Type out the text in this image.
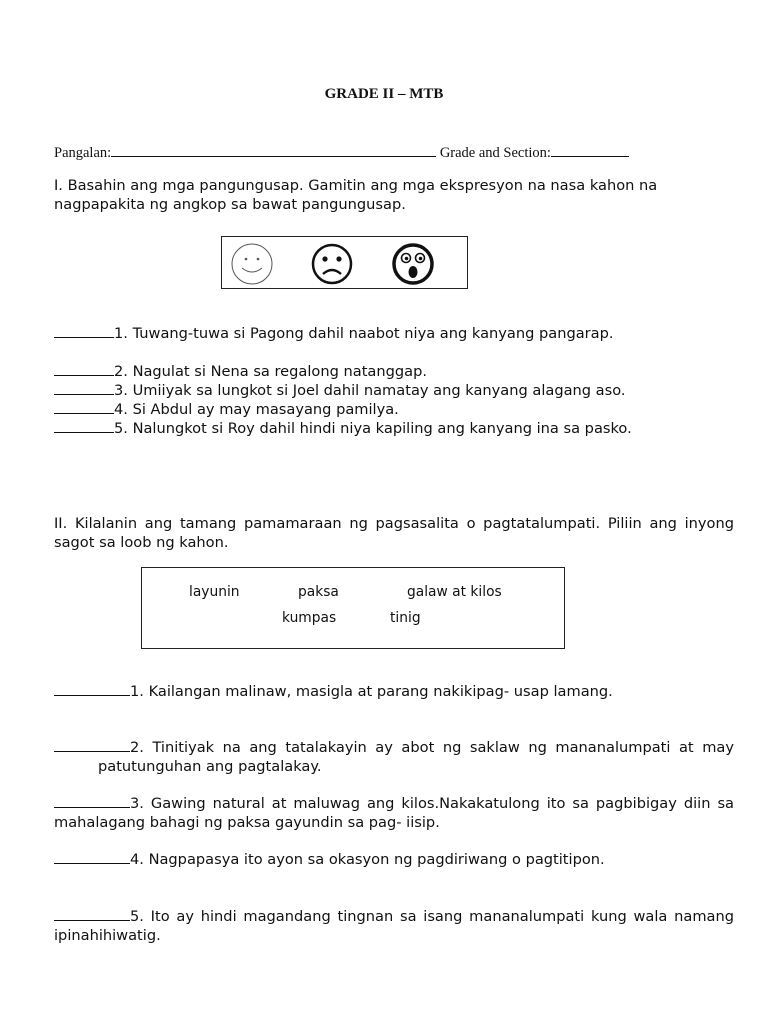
GRADE II – MTB
Pangalan:	Grade and Section:
I. Basahin ang mga pangungusap. Gamitin ang mga ekspresyon na nasa kahon na nagpapakita ng angkop sa bawat pangungusap.
1. Tuwang-tuwa si Pagong dahil naabot niya ang kanyang pangarap.
2. Nagulat si Nena sa regalong natanggap.
3. Umiiyak sa lungkot si Joel dahil namatay ang kanyang alagang aso.
4. Si Abdul ay may masayang pamilya.
5. Nalungkot si Roy dahil hindi niya kapiling ang kanyang ina sa pasko.
II. Kilalanin ang tamang pamamaraan ng pagsasalita o pagtatalumpati. Piliin ang inyong sagot sa loob ng kahon.
layunin	paksa	galaw at kilos
kumpas	tinig
1. Kailangan malinaw, masigla at parang nakikipag- usap lamang.
2. Tinitiyak na ang tatalakayin ay abot ng saklaw ng mananalumpati at may patutunguhan ang pagtalakay.
3. Gawing natural at maluwag ang kilos.Nakakatulong ito sa pagbibigay diin sa mahalagang bahagi ng paksa gayundin sa pag- iisip.
4. Nagpapasya ito ayon sa okasyon ng pagdiriwang o pagtitipon.
5. Ito ay hindi magandang tingnan sa isang mananalumpati kung wala namang ipinahihiwatig.
